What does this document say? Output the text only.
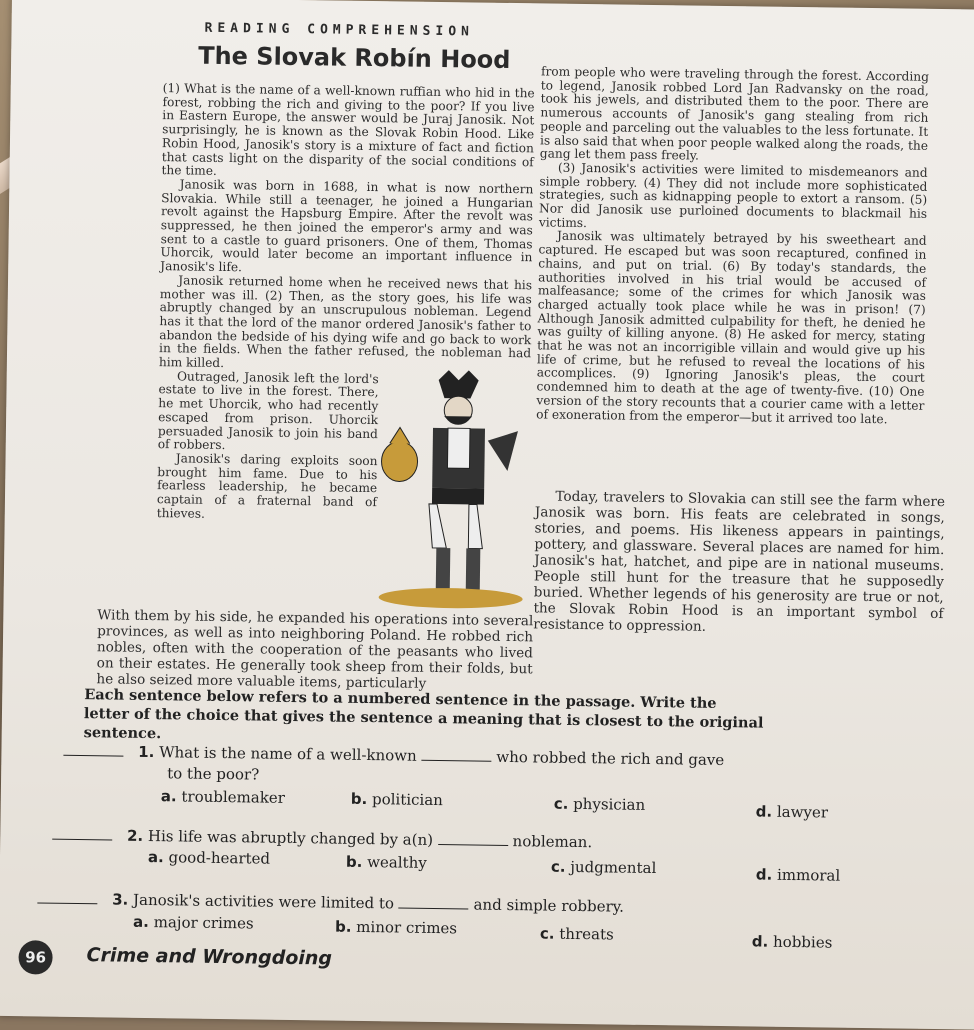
READING COMPREHENSION
The Slovak Robín Hood

(1) What is the name of a well-known ruffian who hid in the forest, robbing the rich and giving to the poor? If you live in Eastern Europe, the answer would be Juraj Janosik. Not surprisingly, he is known as the Slovak Robin Hood. Like Robin Hood, Janosik's story is a mixture of fact and fiction that casts light on the disparity of the social conditions of the time.

Janosik was born in 1688, in what is now northern Slovakia. While still a teenager, he joined a Hungarian revolt against the Hapsburg Empire. After the revolt was suppressed, he then joined the emperor's army and was sent to a castle to guard prisoners. One of them, Thomas Uhorcik, would later become an important influence in Janosik's life.

Janosik returned home when he received news that his mother was ill. (2) Then, as the story goes, his life was abruptly changed by an unscrupulous nobleman. Legend has it that the lord of the manor ordered Janosik's father to abandon the bedside of his dying wife and go back to work in the fields. When the father refused, the nobleman had him killed.

Outraged, Janosik left the lord's estate to live in the forest. There, he met Uhorcik, who had recently escaped from prison. Uhorcik persuaded Janosik to join his band of robbers.

Janosik's daring exploits soon brought him fame. Due to his fearless leadership, he became captain of a fraternal band of thieves.

With them by his side, he expanded his operations into several provinces, as well as into neighboring Poland. He robbed rich nobles, often with the cooperation of the peasants who lived on their estates. He generally took sheep from their folds, but he also seized more valuable items, particularly

from people who were traveling through the forest. According to legend, Janosik robbed Lord Jan Radvansky on the road, took his jewels, and distributed them to the poor. There are numerous accounts of Janosik's gang stealing from rich people and parceling out the valuables to the less fortunate. It is also said that when poor people walked along the roads, the gang let them pass freely.

(3) Janosik's activities were limited to misdemeanors and simple robbery. (4) They did not include more sophisticated strategies, such as kidnapping people to extort a ransom. (5) Nor did Janosik use purloined documents to blackmail his victims.

Janosik was ultimately betrayed by his sweetheart and captured. He escaped but was soon recaptured, confined in chains, and put on trial. (6) By today's standards, the authorities involved in his trial would be accused of malfeasance; some of the crimes for which Janosik was charged actually took place while he was in prison! (7) Although Janosik admitted culpability for theft, he denied he was guilty of killing anyone. (8) He asked for mercy, stating that he was not an incorrigible villain and would give up his life of crime, but he refused to reveal the locations of his accomplices. (9) Ignoring Janosik's pleas, the court condemned him to death at the age of twenty-five. (10) One version of the story recounts that a courier came with a letter of exoneration from the emperor—but it arrived too late.

Today, travelers to Slovakia can still see the farm where Janosik was born. His feats are celebrated in songs, stories, and poems. His likeness appears in paintings, pottery, and glassware. Several places are named for him. Janosik's hat, hatchet, and pipe are in national museums. People still hunt for the treasure that he supposedly buried. Whether legends of his generosity are true or not, the Slovak Robin Hood is an important symbol of resistance to oppression.
Each sentence below refers to a numbered sentence in the passage. Write the letter of the choice that gives the sentence a meaning that is closest to the original sentence.
1. What is the name of a well-known	who robbed the rich and gave
to the poor?
a. troublemaker	b. politician	c. physician	d. lawyer
2. His life was abruptly changed by a(n)	nobleman.
a. good-hearted	b. wealthy	c. judgmental	d. immoral
3. Janosik's activities were limited to	and simple robbery.
a. major crimes	b. minor crimes	c. threats	d. hobbies
96	Crime and Wrongdoing
